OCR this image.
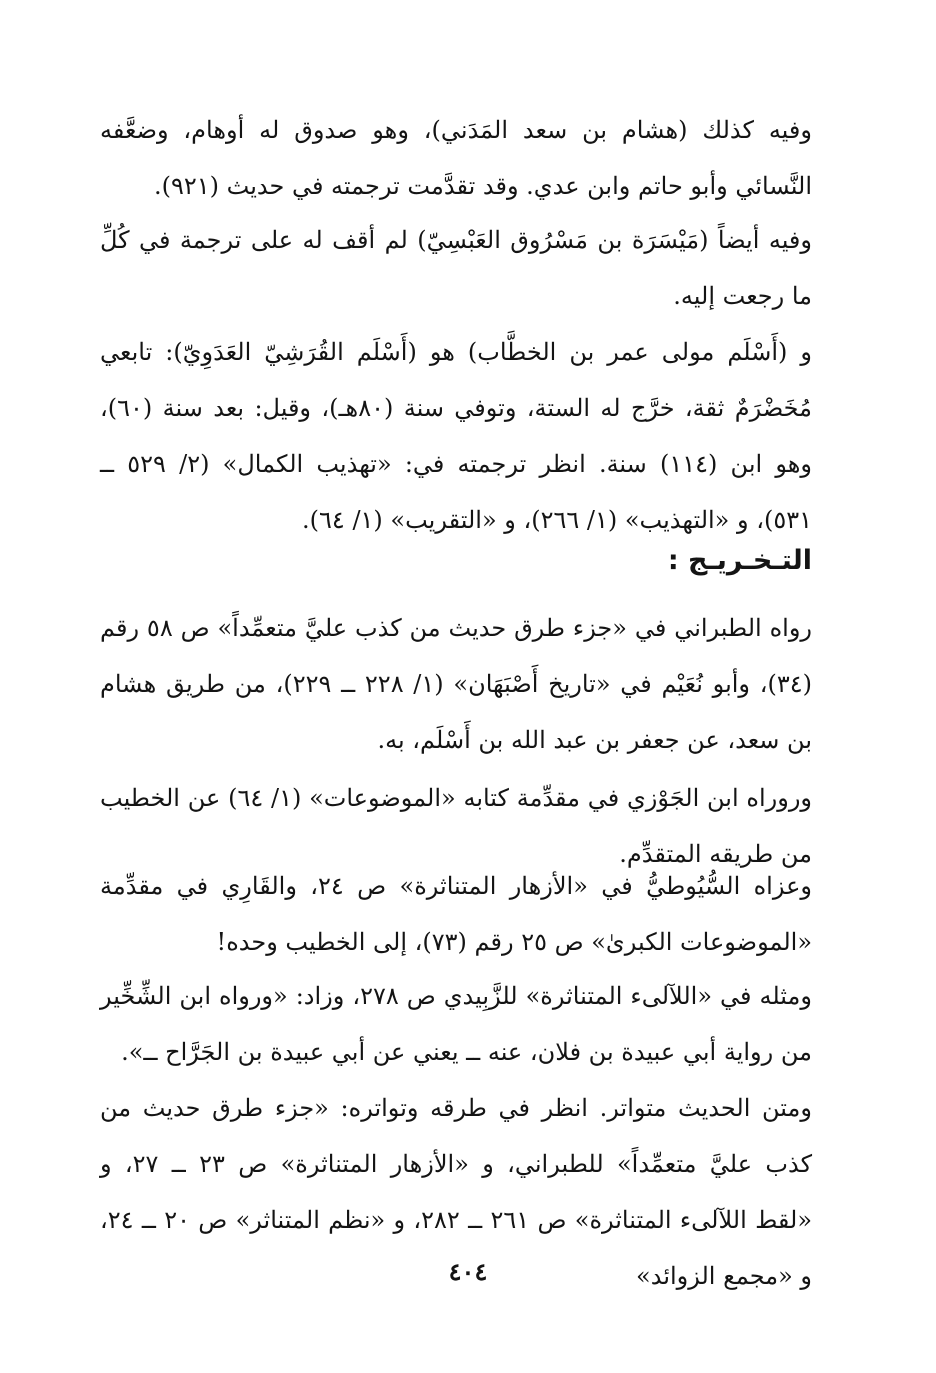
وفيه كذلك (هشام بن سعد المَدَني)، وهو صدوق له أوهام، وضعَّفه النَّسائي وأبو حاتم وابن عدي. وقد تقدَّمت ترجمته في حديث (٩٢١).

وفيه أيضاً (مَيْسَرَة بن مَسْرُوق العَبْسِيّ) لم أقف له على ترجمة في كُلِّ ما رجعت إليه.

و (أَسْلَم مولى عمر بن الخطَّاب) هو (أَسْلَم القُرَشِيّ العَدَوِيّ): تابعي مُخَضْرَمٌ ثقة، خرَّج له الستة، وتوفي سنة (٨٠هـ)، وقيل: بعد سنة (٦٠)، وهو ابن (١١٤) سنة. انظر ترجمته في: «تهذيب الكمال» (٢/ ٥٢٩ ــ ٥٣١)، و «التهذيب» (١/ ٢٦٦)، و «التقريب» (١/ ٦٤).

التـخـريـج :

رواه الطبراني في «جزء طرق حديث من كذب عليَّ متعمِّداً» ص ٥٨ رقم (٣٤)، وأبو نُعَيْم في «تاريخ أَصْبَهَان» (١/ ٢٢٨ ــ ٢٢٩)، من طريق هشام بن سعد، عن جعفر بن عبد الله بن أَسْلَم، به.

وروراه ابن الجَوْزي في مقدِّمة كتابه «الموضوعات» (١/ ٦٤) عن الخطيب من طريقه المتقدِّم.

وعزاه السُّيُوطيُّ في «الأزهار المتناثرة» ص ٢٤، والقَارِي في مقدِّمة «الموضوعات الكبرىٰ» ص ٢٥ رقم (٧٣)، إلى الخطيب وحده!

ومثله في «اللآلىء المتناثرة» للزَّبِيدي ص ٢٧٨، وزاد: «ورواه ابن الشِّخِّير من رواية أبي عبيدة بن فلان، عنه ــ يعني عن أبي عبيدة بن الجَرَّاح ــ».

ومتن الحديث متواتر. انظر في طرقه وتواتره: «جزء طرق حديث من كذب عليَّ متعمِّداً» للطبراني، و «الأزهار المتناثرة» ص ٢٣ ــ ٢٧، و «لقط اللآلىء المتناثرة» ص ٢٦١ ــ ٢٨٢، و «نظم المتناثر» ص ٢٠ ــ ٢٤، و «مجمع الزوائد»

٤٠٤
